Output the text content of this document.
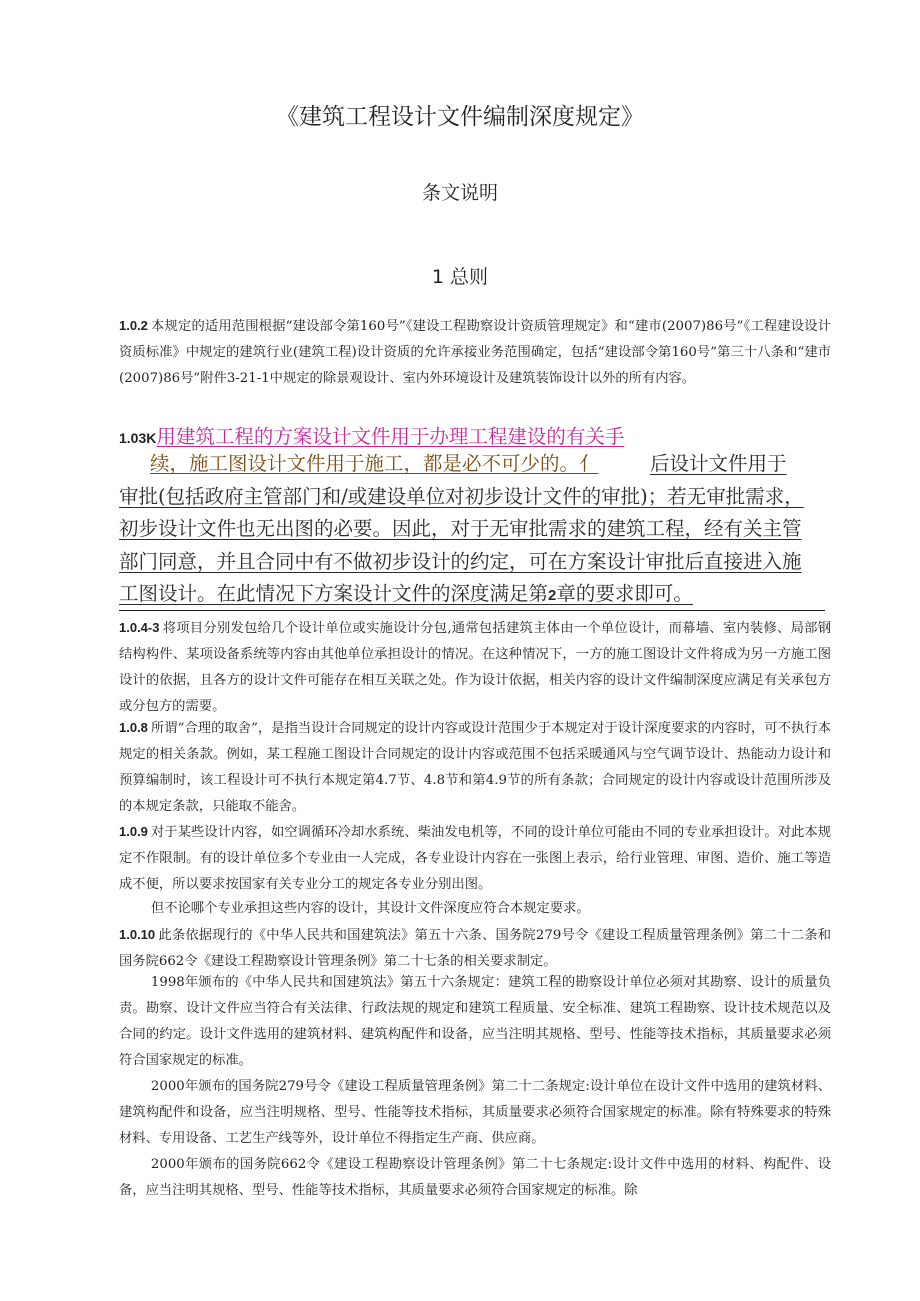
《建筑工程设计文件编制深度规定》
条文说明
1 总则

1.0.2 本规定的适用范围根据“建设部令第160号”《建设工程勘察设计资质管理规定》和“建市(2007)86号”《工程建设设计资质标准》中规定的建筑行业(建筑工程)设计资质的允许承接业务范围确定，包括“建设部令第160号”第三十八条和“建市(2007)86号”附件3-21-1中规定的除景观设计、室内外环境设计及建筑装饰设计以外的所有内容。

1.03K用建筑工程的方案设计文件用于办理工程建设的有关手

续，施工图设计文件用于施工，都是必不可少的。亻	后设计文件用于

审批(包括政府主管部门和/或建设单位对初步设计文件的审批)；若无审批需求，

初步设计文件也无出图的必要。因此，对于无审批需求的建筑工程，经有关主管

部门同意，并且合同中有不做初步设计的约定，可在方案设计审批后直接进入施

工图设计。在此情况下方案设计文件的深度满足第2章的要求即可。

1.0.4-3 将项目分别发包给几个设计单位或实施设计分包,通常包括建筑主体由一个单位设计，而幕墙、室内装修、局部钢结构构件、某项设备系统等内容由其他单位承担设计的情况。在这种情况下，一方的施工图设计文件将成为另一方施工图设计的依据，且各方的设计文件可能存在相互关联之处。作为设计依据，相关内容的设计文件编制深度应满足有关承包方或分包方的需要。

1.0.8 所谓“合理的取舍”，是指当设计合同规定的设计内容或设计范围少于本规定对于设计深度要求的内容时，可不执行本规定的相关条款。例如，某工程施工图设计合同规定的设计内容或范围不包括采暖通风与空气调节设计、热能动力设计和预算编制时，该工程设计可不执行本规定第4.7节、4.8节和第4.9节的所有条款；合同规定的设计内容或设计范围所涉及的本规定条款，只能取不能舍。

1.0.9 对于某些设计内容，如空调循环冷却水系统、柴油发电机等，不同的设计单位可能由不同的专业承担设计。对此本规定不作限制。有的设计单位多个专业由一人完成，各专业设计内容在一张图上表示，给行业管理、审图、造价、施工等造成不便，所以要求按国家有关专业分工的规定各专业分别出图。

但不论哪个专业承担这些内容的设计，其设计文件深度应符合本规定要求。

1.0.10 此条依据现行的《中华人民共和国建筑法》第五十六条、国务院279号令《建设工程质量管理条例》第二十二条和国务院662令《建设工程勘察设计管理条例》第二十七条的相关要求制定。

1998年颁布的《中华人民共和国建筑法》第五十六条规定：建筑工程的勘察设计单位必须对其勘察、设计的质量负责。勘察、设计文件应当符合有关法律、行政法规的规定和建筑工程质量、安全标准、建筑工程勘察、设计技术规范以及合同的约定。设计文件选用的建筑材料、建筑构配件和设备，应当注明其规格、型号、性能等技术指标，其质量要求必须符合国家规定的标准。

2000年颁布的国务院279号令《建设工程质量管理条例》第二十二条规定:设计单位在设计文件中选用的建筑材料、建筑构配件和设备，应当注明规格、型号、性能等技术指标，其质量要求必须符合国家规定的标准。除有特殊要求的特殊材料、专用设备、工艺生产线等外，设计单位不得指定生产商、供应商。

2000年颁布的国务院662令《建设工程勘察设计管理条例》第二十七条规定:设计文件中选用的材料、构配件、设备，应当注明其规格、型号、性能等技术指标，其质量要求必须符合国家规定的标准。除
